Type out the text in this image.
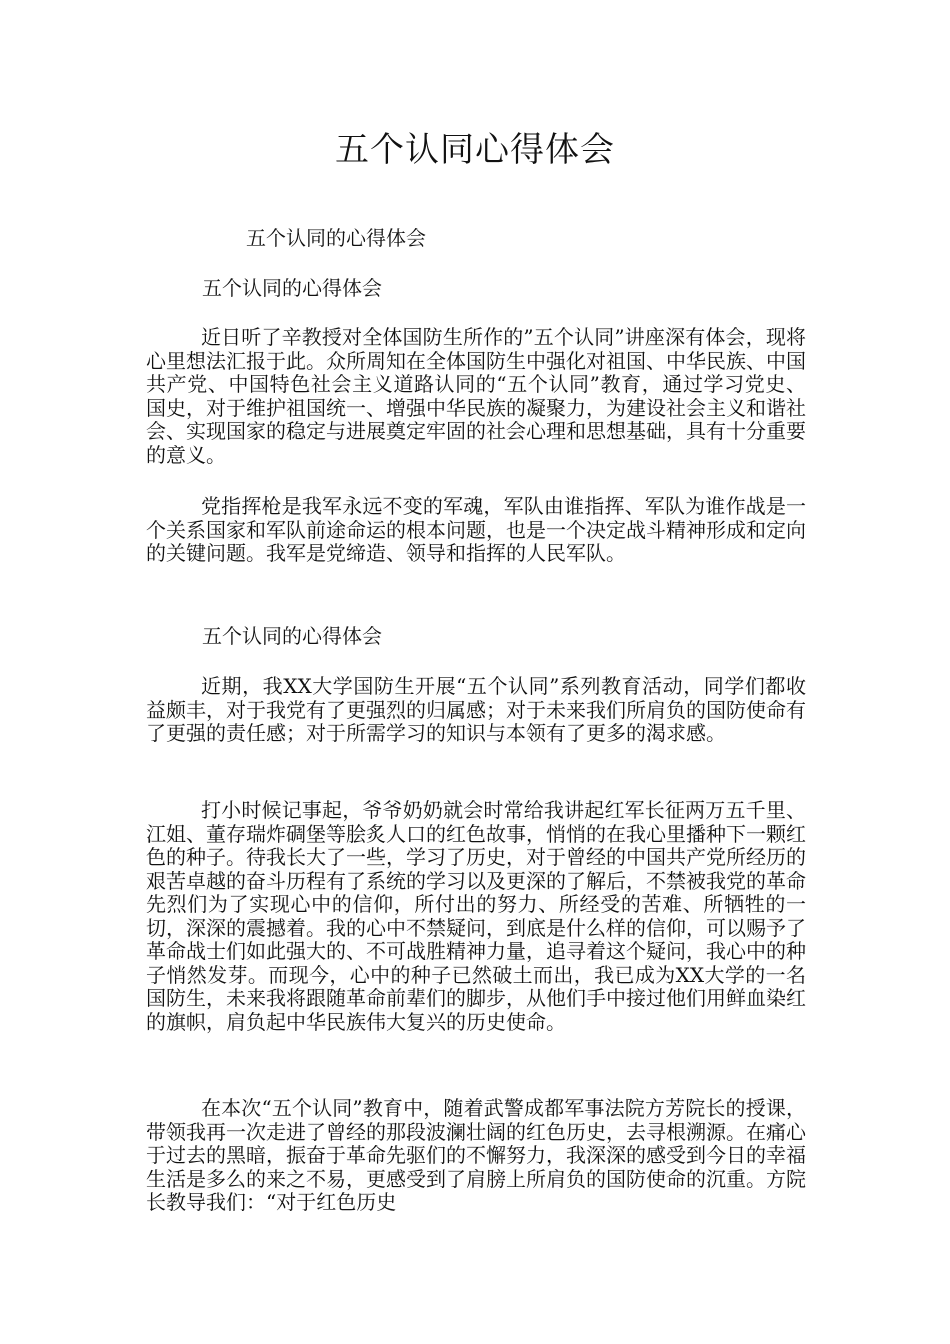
五个认同心得体会

五个认同的心得体会

五个认同的心得体会

近日听了辛教授对全体国防生所作的”五个认同”讲座深有体会，现将心里想法汇报于此。众所周知在全体国防生中强化对祖国、中华民族、中国共产党、中国特色社会主义道路认同的“五个认同”教育，通过学习党史、国史，对于维护祖国统一、增强中华民族的凝聚力，为建设社会主义和谐社会、实现国家的稳定与进展奠定牢固的社会心理和思想基础，具有十分重要的意义。

党指挥枪是我军永远不变的军魂，军队由谁指挥、军队为谁作战是一个关系国家和军队前途命运的根本问题，也是一个决定战斗精神形成和定向的关键问题。我军是党缔造、领导和指挥的人民军队。

五个认同的心得体会

近期，我XX大学国防生开展“五个认同”系列教育活动，同学们都收益颇丰，对于我党有了更强烈的归属感；对于未来我们所肩负的国防使命有了更强的责任感；对于所需学习的知识与本领有了更多的渴求感。

打小时候记事起，爷爷奶奶就会时常给我讲起红军长征两万五千里、江姐、董存瑞炸碉堡等脍炙人口的红色故事，悄悄的在我心里播种下一颗红色的种子。待我长大了一些，学习了历史，对于曾经的中国共产党所经历的艰苦卓越的奋斗历程有了系统的学习以及更深的了解后，不禁被我党的革命先烈们为了实现心中的信仰，所付出的努力、所经受的苦难、所牺牲的一切，深深的震撼着。我的心中不禁疑问，到底是什么样的信仰，可以赐予了革命战士们如此强大的、不可战胜精神力量，追寻着这个疑问，我心中的种子悄然发芽。而现今，心中的种子已然破土而出，我已成为XX大学的一名国防生，未来我将跟随革命前辈们的脚步，从他们手中接过他们用鲜血染红的旗帜，肩负起中华民族伟大复兴的历史使命。

在本次“五个认同”教育中，随着武警成都军事法院方芳院长的授课，带领我再一次走进了曾经的那段波澜壮阔的红色历史，去寻根溯源。在痛心于过去的黑暗，振奋于革命先驱们的不懈努力，我深深的感受到今日的幸福生活是多么的来之不易，更感受到了肩膀上所肩负的国防使命的沉重。方院长教导我们：“对于红色历史
